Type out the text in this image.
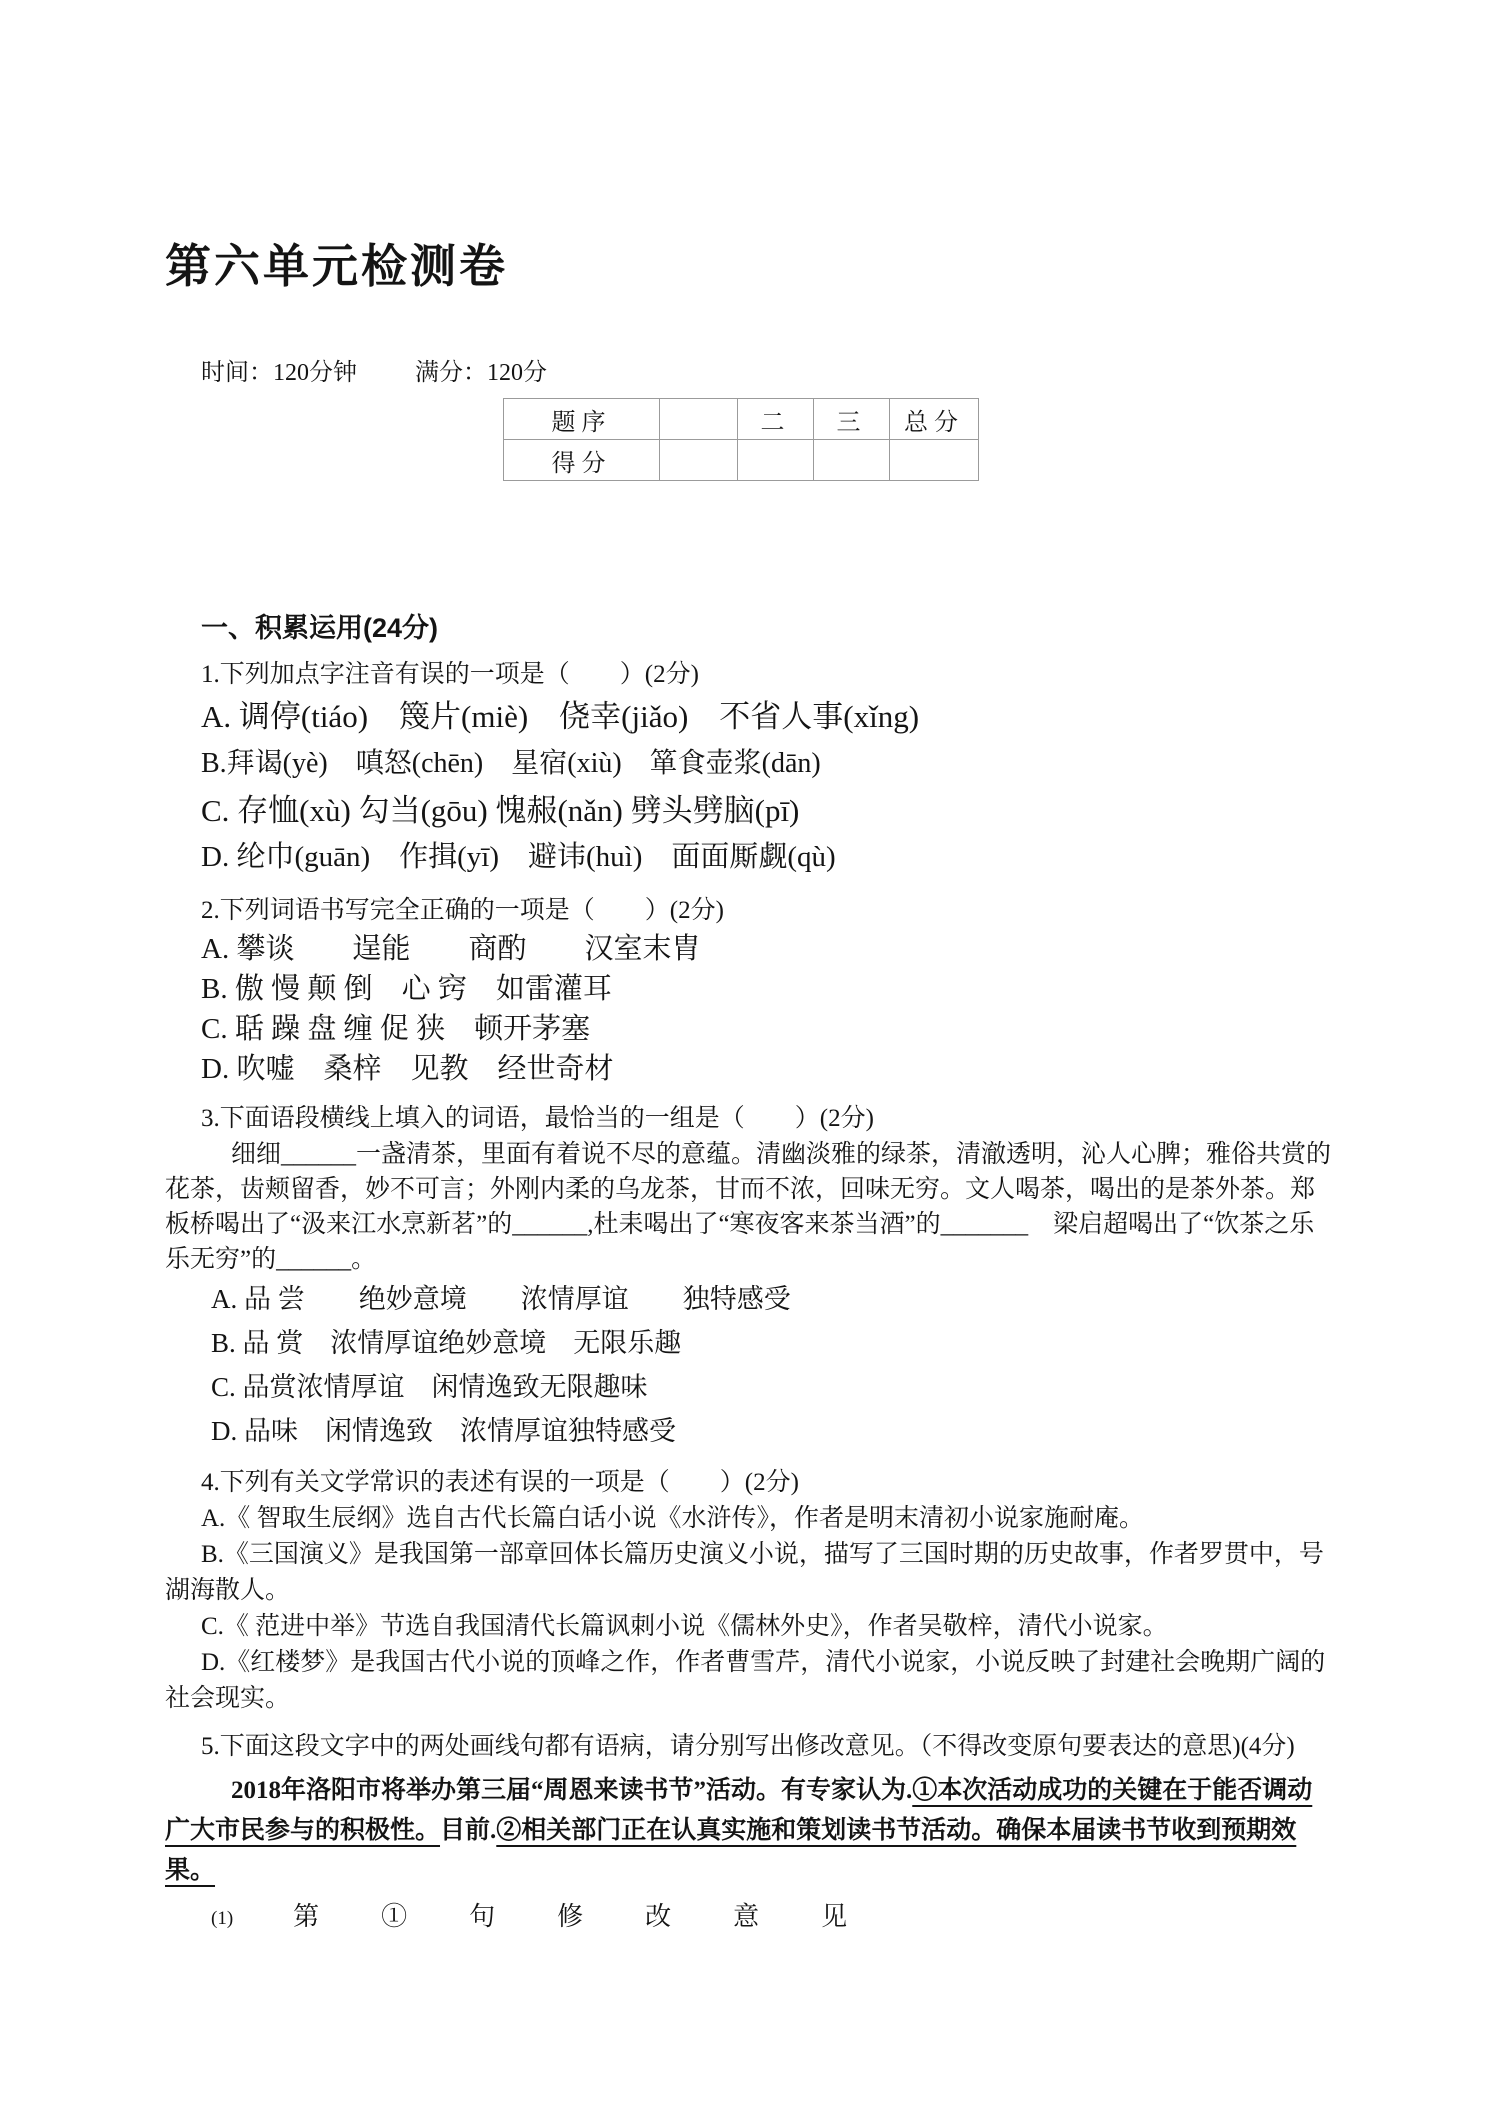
第六单元检测卷
时间：120分钟 满分：120分
题序		二	三	总分
得分				
一、积累运用(24分)

1.下列加点字注音有误的一项是（　　）(2分)

A. 调停(tiáo)　篾片(miè)　侥幸(jiǎo)　不省人事(xǐng)

B.拜谒(yè)　嗔怒(chēn)　星宿(xiù)　箪食壶浆(dān)

C. 存恤(xù) 勾当(gōu) 愧赧(nǎn) 劈头劈脑(pī)

D. 纶巾(guān)　作揖(yī)　避讳(huì)　面面厮觑(qù)

2.下列词语书写完全正确的一项是（　　）(2分)

A. 攀谈　　逞能　　商酌　　汉室末胄

B. 傲 慢 颠 倒　心 窍　如雷灌耳

C. 聒 躁 盘 缠 促 狭　顿开茅塞

D. 吹嘘　桑梓　见教　经世奇材

3.下面语段横线上填入的词语，最恰当的一组是（　　）(2分)

细细______一盏清茶，里面有着说不尽的意蕴。清幽淡雅的绿茶，清澈透明，沁人心脾；雅俗共赏的花茶，齿颊留香，妙不可言；外刚内柔的乌龙茶，甘而不浓，回味无穷。文人喝茶，喝出的是茶外茶。郑板桥喝出了“汲来江水烹新茗”的______,杜耒喝出了“寒夜客来茶当酒”的_______　梁启超喝出了“饮茶之乐乐无穷”的______。

A. 品 尝　　绝妙意境　　浓情厚谊　　独特感受

B. 品 赏　浓情厚谊绝妙意境　无限乐趣

C. 品赏浓情厚谊　闲情逸致无限趣味

D. 品味　闲情逸致　浓情厚谊独特感受

4.下列有关文学常识的表述有误的一项是（　　）(2分)

A.《 智取生辰纲》选自古代长篇白话小说《水浒传》，作者是明末清初小说家施耐庵。

B.《三国演义》是我国第一部章回体长篇历史演义小说，描写了三国时期的历史故事，作者罗贯中，号湖海散人。

C.《 范进中举》节选自我国清代长篇讽刺小说《儒林外史》，作者吴敬梓，清代小说家。

D.《红楼梦》是我国古代小说的顶峰之作，作者曹雪芹，清代小说家，小说反映了封建社会晚期广阔的社会现实。

5.下面这段文字中的两处画线句都有语病，请分别写出修改意见。（不得改变原句要表达的意思)(4分)

2018年洛阳市将举办第三届“周恩来读书节”活动。有专家认为.①本次活动成功的关键在于能否调动广大市民参与的积极性。目前.②相关部门正在认真实施和策划读书节活动。确保本届读书节收到预期效果。

(1) 第①句修改意见
